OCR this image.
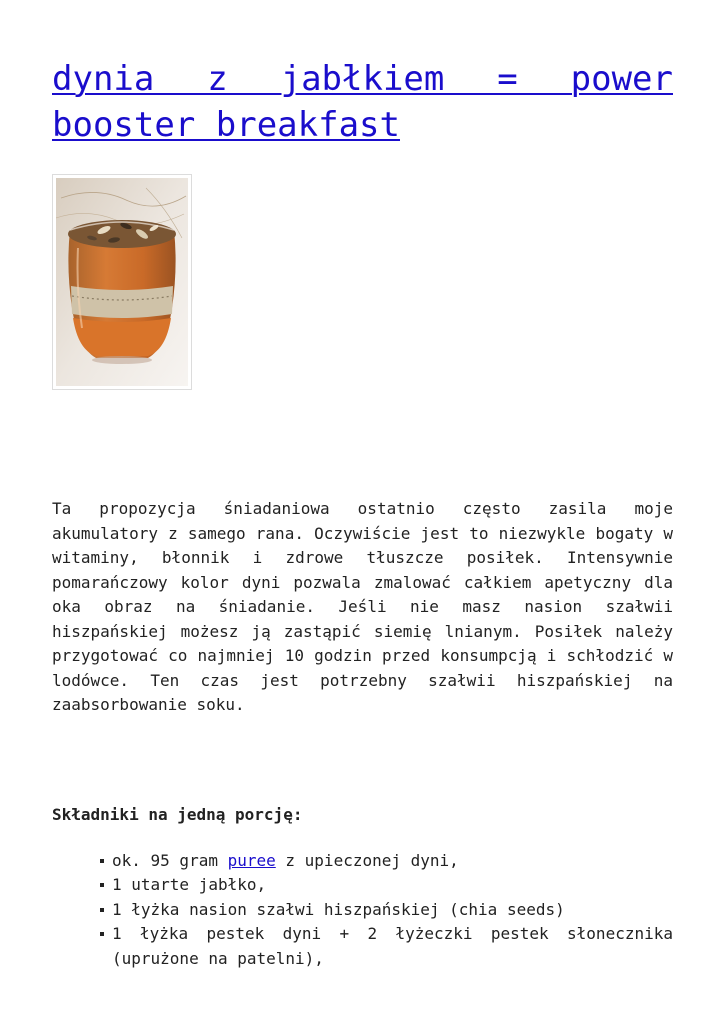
dynia z jabłkiem = power booster breakfast

Ta propozycja śniadaniowa ostatnio często zasila moje akumulatory z samego rana. Oczywiście jest to niezwykle bogaty w witaminy, błonnik i zdrowe tłuszcze posiłek. Intensywnie pomarańczowy kolor dyni pozwala zmalować całkiem apetyczny dla oka obraz na śniadanie. Jeśli nie masz nasion szałwii hiszpańskiej możesz ją zastąpić siemię lnianym. Posiłek należy przygotować co najmniej 10 godzin przed konsumpcją i schłodzić w lodówce. Ten czas jest potrzebny szałwii hiszpańskiej na zaabsorbowanie soku.

Składniki na jedną porcję:

ok. 95 gram puree z upieczonej dyni,
1 utarte jabłko,
1 łyżka nasion szałwi hiszpańskiej (chia seeds)
1 łyżka pestek dyni + 2 łyżeczki pestek słonecznika (uprużone na patelni),
